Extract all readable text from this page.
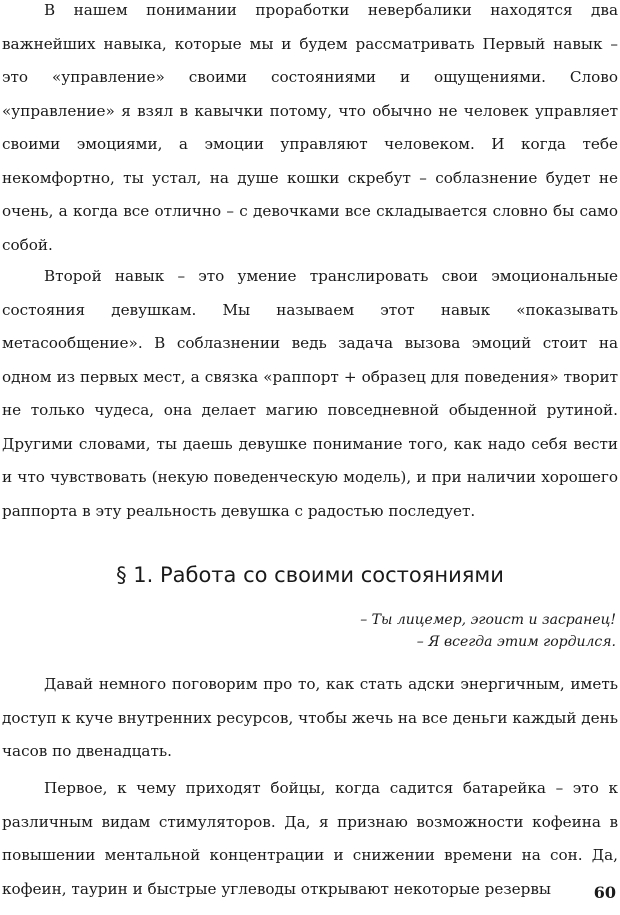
В нашем понимании проработки невербалики находятся два важнейших навыка, которые мы и будем рассматривать Первый навык – это «управление» своими состояниями и ощущениями. Слово «управление» я взял в кавычки потому, что обычно не человек управляет своими эмоциями, а эмоции управляют человеком. И когда тебе некомфортно, ты устал, на душе кошки скребут – соблазнение будет не очень, а когда все отлично – с девочками все складывается словно бы само собой.

Второй навык – это умение транслировать свои эмоциональные состояния девушкам. Мы называем этот навык «показывать метасообщение». В соблазнении ведь задача вызова эмоций стоит на одном из первых мест, а связка «раппорт + образец для поведения» творит не только чудеса, она делает магию повседневной обыденной рутиной. Другими словами, ты даешь девушке понимание того, как надо себя вести и что чувствовать (некую поведенческую модель), и при наличии хорошего раппорта в эту реальность девушка с радостью последует.

§ 1. Работа со своими состояниями
– Ты лицемер, эгоист и засранец!
– Я всегда этим гордился.

Давай немного поговорим про то, как стать адски энергичным, иметь доступ к куче внутренних ресурсов, чтобы жечь на все деньги каждый день часов по двенадцать.

Первое, к чему приходят бойцы, когда садится батарейка – это к различным видам стимуляторов. Да, я признаю возможности кофеина в повышении ментальной концентрации и снижении времени на сон. Да, кофеин, таурин и быстрые углеводы открывают некоторые резервы	60
